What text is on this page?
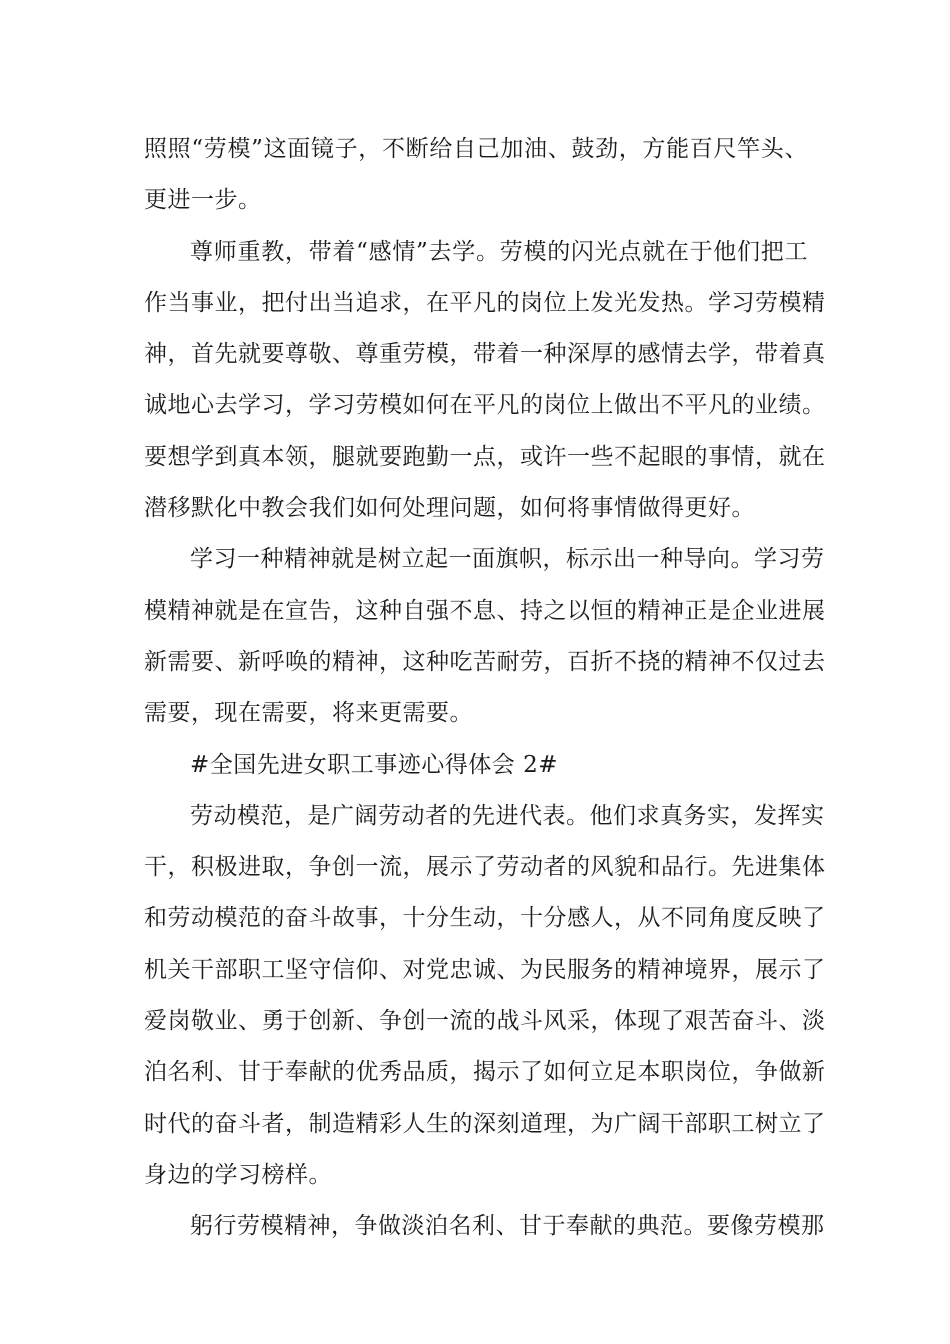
照照“劳模”这面镜子，不断给自己加油、鼓劲，方能百尺竿头、
更进一步。
尊师重教，带着“感情”去学。劳模的闪光点就在于他们把工
作当事业，把付出当追求，在平凡的岗位上发光发热。学习劳模精
神，首先就要尊敬、尊重劳模，带着一种深厚的感情去学，带着真
诚地心去学习，学习劳模如何在平凡的岗位上做出不平凡的业绩。
要想学到真本领，腿就要跑勤一点，或许一些不起眼的事情，就在
潜移默化中教会我们如何处理问题，如何将事情做得更好。
学习一种精神就是树立起一面旗帜，标示出一种导向。学习劳
模精神就是在宣告，这种自强不息、持之以恒的精神正是企业进展
新需要、新呼唤的精神，这种吃苦耐劳，百折不挠的精神不仅过去
需要，现在需要，将来更需要。
#全国先进女职工事迹心得体会 2#
劳动模范，是广阔劳动者的先进代表。他们求真务实，发挥实
干，积极进取，争创一流，展示了劳动者的风貌和品行。先进集体
和劳动模范的奋斗故事，十分生动，十分感人，从不同角度反映了
机关干部职工坚守信仰、对党忠诚、为民服务的精神境界，展示了
爱岗敬业、勇于创新、争创一流的战斗风采，体现了艰苦奋斗、淡
泊名利、甘于奉献的优秀品质，揭示了如何立足本职岗位，争做新
时代的奋斗者，制造精彩人生的深刻道理，为广阔干部职工树立了
身边的学习榜样。
躬行劳模精神，争做淡泊名利、甘于奉献的典范。要像劳模那
